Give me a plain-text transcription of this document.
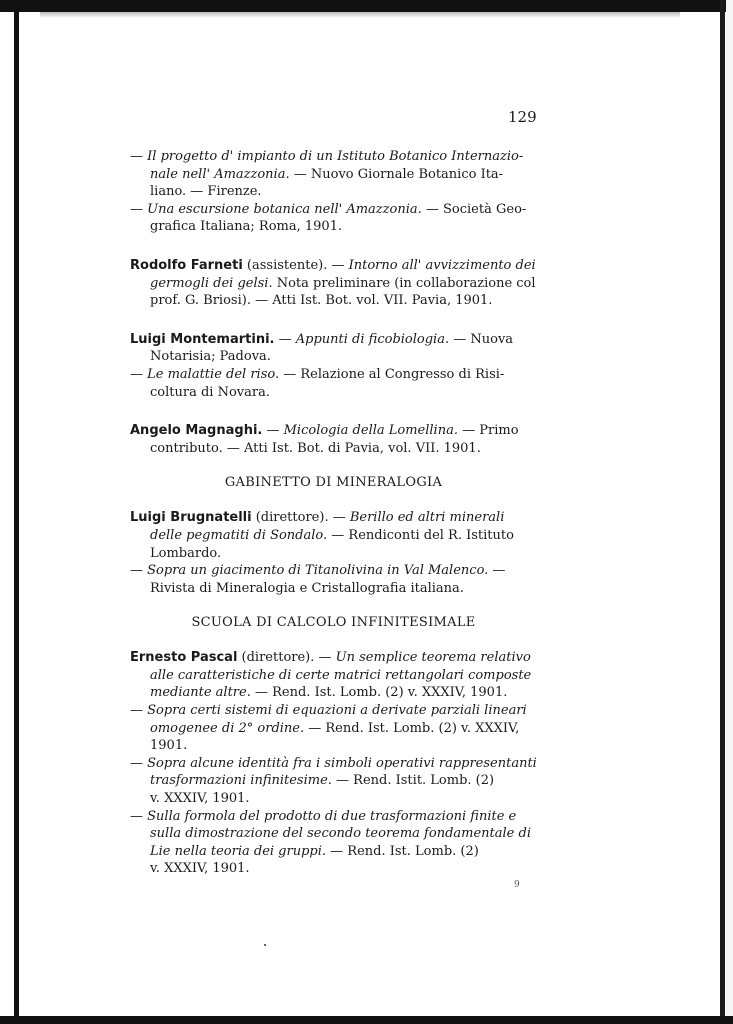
129
— Il progetto d' impianto di un Istituto Botanico Internazio-
nale nell' Amazzonia. — Nuovo Giornale Botanico Ita-
liano. — Firenze.
— Una escursione botanica nell' Amazzonia. — Società Geo-
grafica Italiana; Roma, 1901.
Rodolfo Farneti (assistente). — Intorno all' avvizzimento dei
germogli dei gelsi. Nota preliminare (in collaborazione col
prof. G. Briosi). — Atti Ist. Bot. vol. VII. Pavia, 1901.
Luigi Montemartini. — Appunti di ficobiologia. — Nuova
Notarisia; Padova.
— Le malattie del riso. — Relazione al Congresso di Risi-
coltura di Novara.
Angelo Magnaghi. — Micologia della Lomellina. — Primo
contributo. — Atti Ist. Bot. di Pavia, vol. VII. 1901.
GABINETTO DI MINERALOGIA
Luigi Brugnatelli (direttore). — Berillo ed altri minerali
delle pegmatiti di Sondalo. — Rendiconti del R. Istituto
Lombardo.
— Sopra un giacimento di Titanolivina in Val Malenco. —
Rivista di Mineralogia e Cristallografia italiana.
SCUOLA DI CALCOLO INFINITESIMALE
Ernesto Pascal (direttore). — Un semplice teorema relativo
alle caratteristiche di certe matrici rettangolari composte
mediante altre. — Rend. Ist. Lomb. (2) v. XXXIV, 1901.
— Sopra certi sistemi di equazioni a derivate parziali lineari
omogenee di 2° ordine. — Rend. Ist. Lomb. (2) v. XXXIV,
1901.
— Sopra alcune identità fra i simboli operativi rappresentanti
trasformazioni infinitesime. — Rend. Istit. Lomb. (2)
v. XXXIV, 1901.
— Sulla formola del prodotto di due trasformazioni finite e
sulla dimostrazione del secondo teorema fondamentale di
Lie nella teoria dei gruppi. — Rend. Ist. Lomb. (2)
v. XXXIV, 1901.
9
